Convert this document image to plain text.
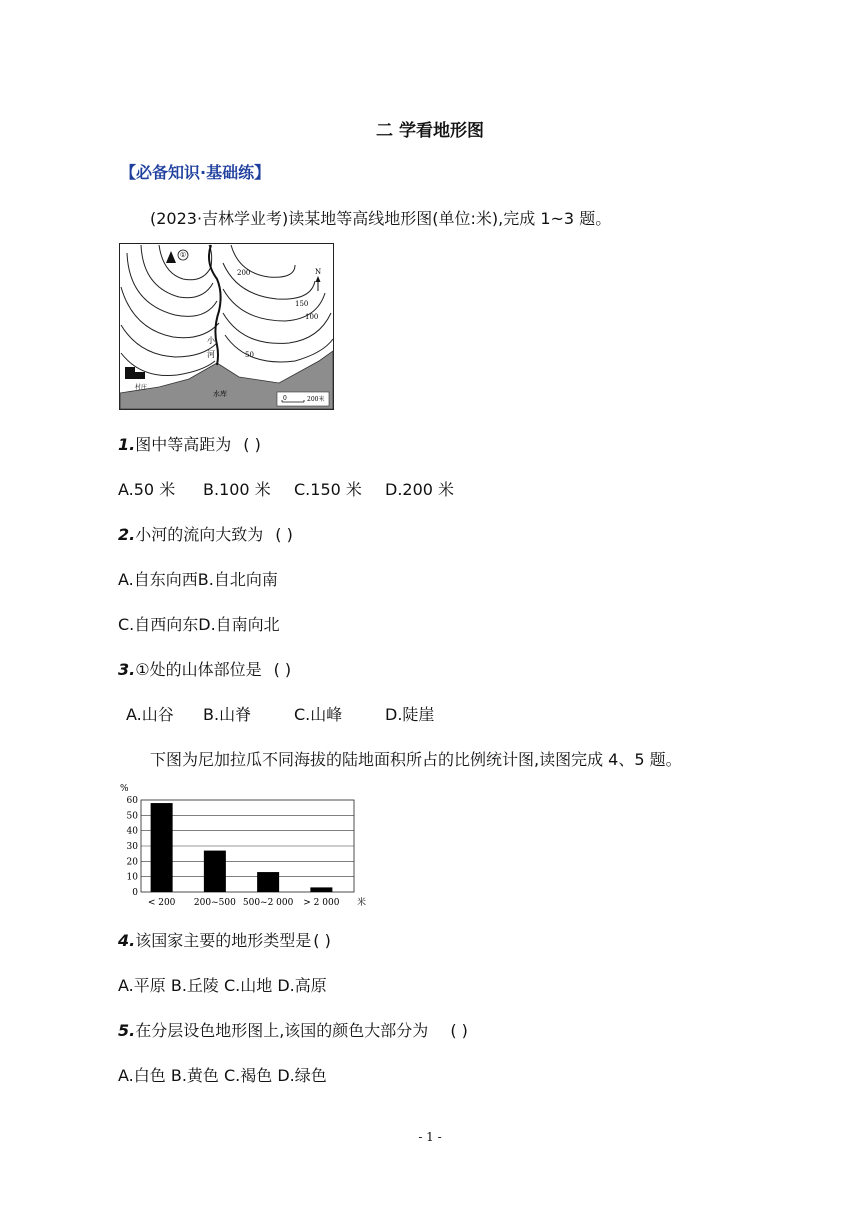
二 学看地形图
【必备知识·基础练】
(2023·吉林学业考)读某地等高线地形图(单位:米),完成 1~3 题。
①
200
150
100
50
N
小
河
村庄
水库
0	200米
1.图中等高距为 ( )
A.50 米 B.100 米 C.150 米 D.200 米
2.小河的流向大致为 ( )
A.自东向西B.自北向南
C.自西向东D.自南向北
3.①处的山体部位是 ( )
A.山谷 B.山脊	C.山峰	D.陡崖
下图为尼加拉瓜不同海拔的陆地面积所占的比例统计图,读图完成 4、5 题。
%
60
50
40
30
20
10
0
< 200 200~500 500~2 000 > 2 000 米
4.该国家主要的地形类型是 ( )
A.平原 B.丘陵 C.山地 D.高原
5.在分层设色地形图上,该国的颜色大部分为 ( )
A.白色 B.黄色 C.褐色 D.绿色
- 1 -
